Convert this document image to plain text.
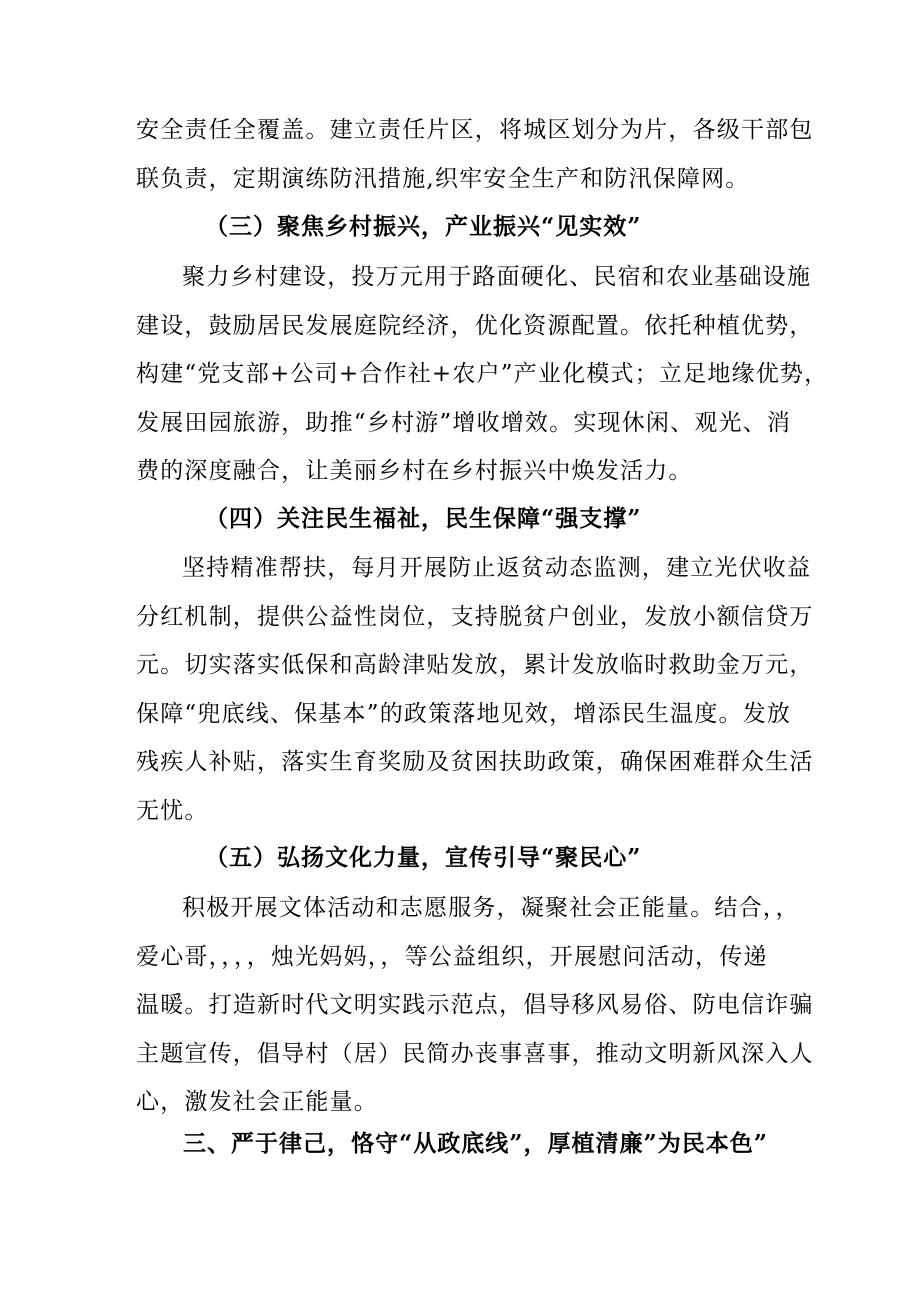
安全责任全覆盖。建立责任片区，将城区划分为片，各级干部包
联负责，定期演练防汛措施,织牢安全生产和防汛保障网。
（三）聚焦乡村振兴，产业振兴“见实效”
聚力乡村建设，投万元用于路面硬化、民宿和农业基础设施
建设，鼓励居民发展庭院经济，优化资源配置。依托种植优势，
构建“党支部+公司+合作社+农户”产业化模式；立足地缘优势，
发展田园旅游，助推“乡村游”增收增效。实现休闲、观光、消
费的深度融合，让美丽乡村在乡村振兴中焕发活力。
（四）关注民生福祉，民生保障“强支撑”
坚持精准帮扶，每月开展防止返贫动态监测，建立光伏收益
分红机制，提供公益性岗位，支持脱贫户创业，发放小额信贷万
元。切实落实低保和高龄津贴发放，累计发放临时救助金万元，
保障“兜底线、保基本”的政策落地见效，增添民生温度。发放
残疾人补贴，落实生育奖励及贫困扶助政策，确保困难群众生活
无忧。
（五）弘扬文化力量，宣传引导“聚民心”
积极开展文体活动和志愿服务，凝聚社会正能量。结合，，
爱心哥，，，，烛光妈妈，，等公益组织，开展慰问活动，传递
温暖。打造新时代文明实践示范点，倡导移风易俗、防电信诈骗
主题宣传，倡导村（居）民简办丧事喜事，推动文明新风深入人
心，激发社会正能量。
三、严于律己，恪守“从政底线”，厚植清廉”为民本色”
